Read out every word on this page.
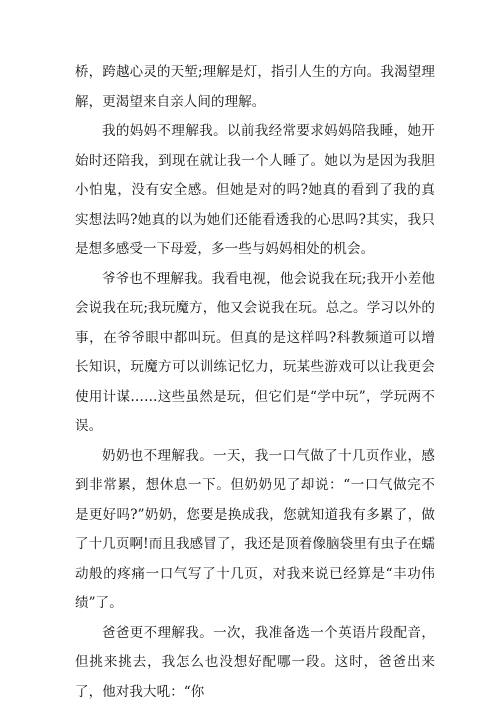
桥，跨越心灵的天堑;理解是灯，指引人生的方向。我渴望理解，更渴望来自亲人间的理解。

我的妈妈不理解我。以前我经常要求妈妈陪我睡，她开始时还陪我，到现在就让我一个人睡了。她以为是因为我胆小怕鬼，没有安全感。但她是对的吗?她真的看到了我的真实想法吗?她真的以为她们还能看透我的心思吗?其实，我只是想多感受一下母爱，多一些与妈妈相处的机会。

爷爷也不理解我。我看电视，他会说我在玩;我开小差他会说我在玩;我玩魔方，他又会说我在玩。总之。学习以外的事，在爷爷眼中都叫玩。但真的是这样吗?科教频道可以增长知识，玩魔方可以训练记忆力，玩某些游戏可以让我更会使用计谋……这些虽然是玩，但它们是“学中玩”，学玩两不误。

奶奶也不理解我。一天，我一口气做了十几页作业，感到非常累，想休息一下。但奶奶见了却说：“一口气做完不是更好吗?”奶奶，您要是换成我，您就知道我有多累了，做了十几页啊!而且我感冒了，我还是顶着像脑袋里有虫子在蠕动般的疼痛一口气写了十几页，对我来说已经算是“丰功伟绩”了。

爸爸更不理解我。一次，我准备选一个英语片段配音，但挑来挑去，我怎么也没想好配哪一段。这时，爸爸出来了，他对我大吼：“你
